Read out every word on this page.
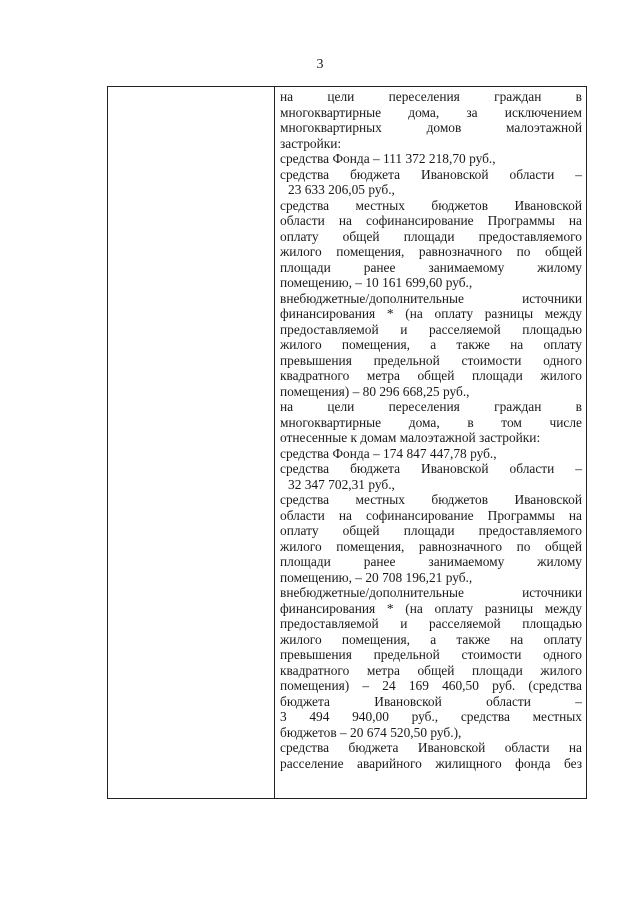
3
на цели переселения граждан в
многоквартирные дома, за исключением
многоквартирных домов малоэтажной
застройки:
средства Фонда – 111 372 218,70 руб.,
средства бюджета Ивановской области –
23 633 206,05 руб.,
средства местных бюджетов Ивановской
области на софинансирование Программы на
оплату общей площади предоставляемого
жилого помещения, равнозначного по общей
площади ранее занимаемому жилому
помещению, – 10 161 699,60 руб.,
внебюджетные/дополнительные источники
финансирования * (на оплату разницы между
предоставляемой и расселяемой площадью
жилого помещения, а также на оплату
превышения предельной стоимости одного
квадратного метра общей площади жилого
помещения) – 80 296 668,25 руб.,
на цели переселения граждан в
многоквартирные дома, в том числе
отнесенные к домам малоэтажной застройки:
средства Фонда – 174 847 447,78 руб.,
средства бюджета Ивановской области –
32 347 702,31 руб.,
средства местных бюджетов Ивановской
области на софинансирование Программы на
оплату общей площади предоставляемого
жилого помещения, равнозначного по общей
площади ранее занимаемому жилому
помещению, – 20 708 196,21 руб.,
внебюджетные/дополнительные источники
финансирования * (на оплату разницы между
предоставляемой и расселяемой площадью
жилого помещения, а также на оплату
превышения предельной стоимости одного
квадратного метра общей площади жилого
помещения) – 24 169 460,50 руб. (средства
бюджета Ивановской области –
3 494 940,00 руб., средства местных
бюджетов – 20 674 520,50 руб.),
средства бюджета Ивановской области на
расселение аварийного жилищного фонда без
